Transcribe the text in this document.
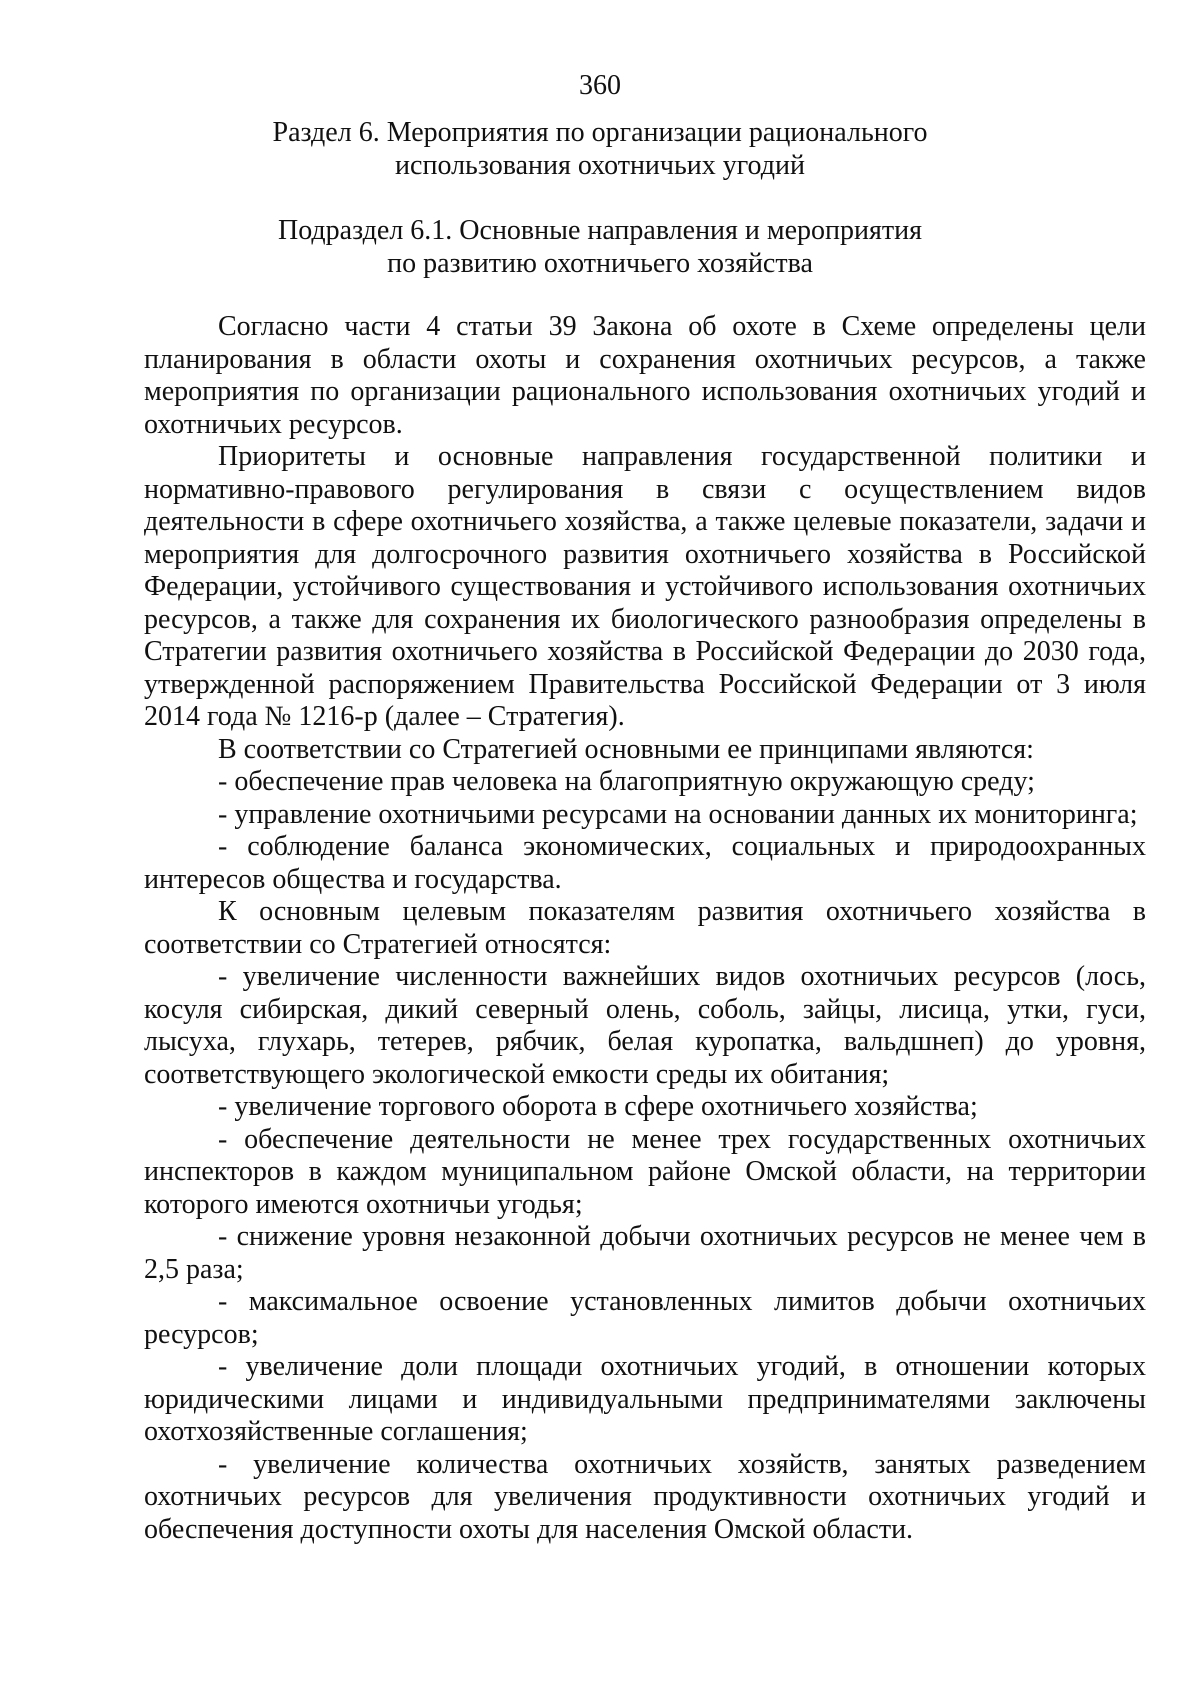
360
Раздел 6. Мероприятия по организации рационального
использования охотничьих угодий
Подраздел 6.1. Основные направления и мероприятия
по развитию охотничьего хозяйства

Согласно части 4 статьи 39 Закона об охоте в Схеме определены цели планирования в области охоты и сохранения охотничьих ресурсов, а также мероприятия по организации рационального использования охотничьих угодий и охотничьих ресурсов.

Приоритеты и основные направления государственной политики и нормативно-правового регулирования в связи с осуществлением видов деятельности в сфере охотничьего хозяйства, а также целевые показатели, задачи и мероприятия для долгосрочного развития охотничьего хозяйства в Российской Федерации, устойчивого существования и устойчивого использования охотничьих ресурсов, а также для сохранения их биологического разнообразия определены в Стратегии развития охотничьего хозяйства в Российской Федерации до 2030 года, утвержденной распоряжением Правительства Российской Федерации от 3 июля 2014 года № 1216-р (далее – Стратегия).

В соответствии со Стратегией основными ее принципами являются:

- обеспечение прав человека на благоприятную окружающую среду;

- управление охотничьими ресурсами на основании данных их мониторинга;

- соблюдение баланса экономических, социальных и природоохранных интересов общества и государства.

К основным целевым показателям развития охотничьего хозяйства в соответствии со Стратегией относятся:

- увеличение численности важнейших видов охотничьих ресурсов (лось, косуля сибирская, дикий северный олень, соболь, зайцы, лисица, утки, гуси, лысуха, глухарь, тетерев, рябчик, белая куропатка, вальдшнеп) до уровня, соответствующего экологической емкости среды их обитания;

- увеличение торгового оборота в сфере охотничьего хозяйства;

- обеспечение деятельности не менее трех государственных охотничьих инспекторов в каждом муниципальном районе Омской области, на территории которого имеются охотничьи угодья;

- снижение уровня незаконной добычи охотничьих ресурсов не менее чем в 2,5 раза;

- максимальное освоение установленных лимитов добычи охотничьих ресурсов;

- увеличение доли площади охотничьих угодий, в отношении которых юридическими лицами и индивидуальными предпринимателями заключены охотхозяйственные соглашения;

- увеличение количества охотничьих хозяйств, занятых разведением охотничьих ресурсов для увеличения продуктивности охотничьих угодий и обеспечения доступности охоты для населения Омской области.
